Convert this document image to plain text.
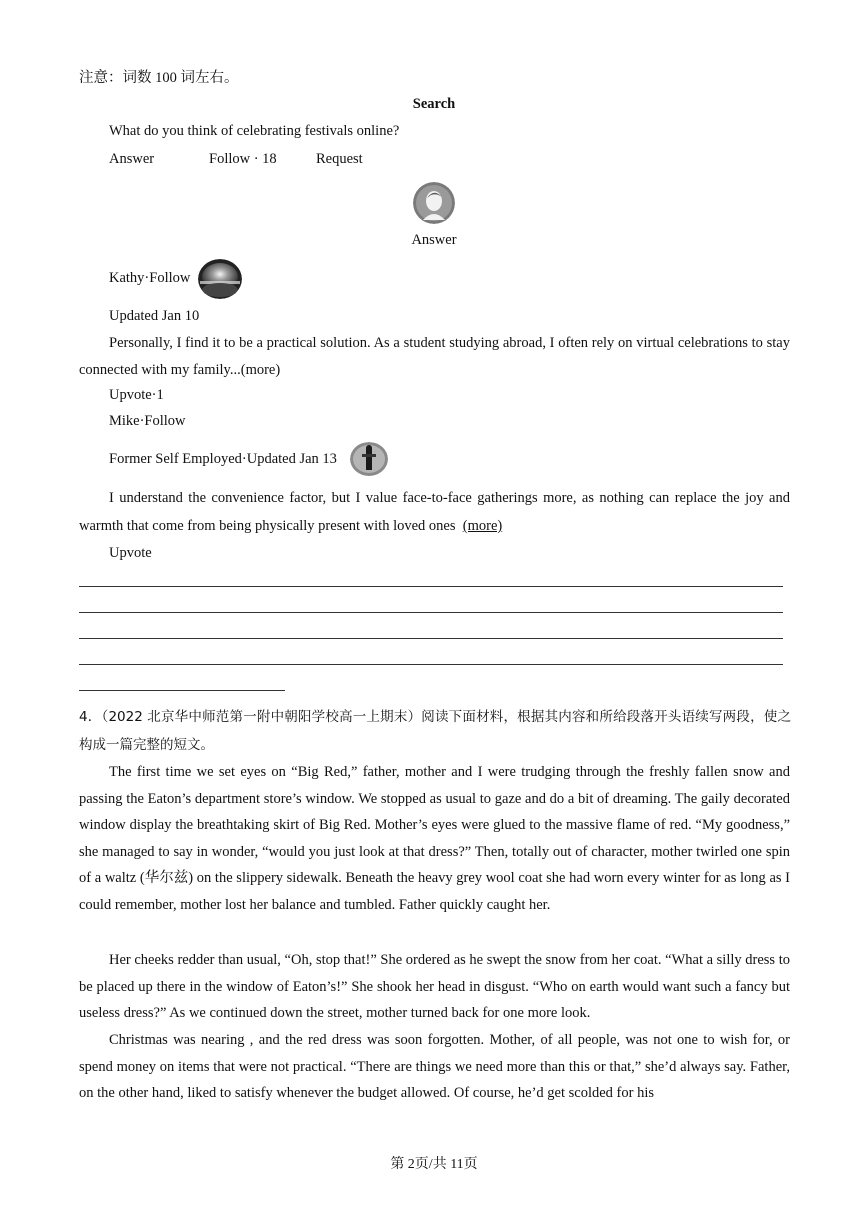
注意：词数 100 词左右。
Search
What do you think of celebrating festivals online?
Answer	Follow · 18	Request
Answer
Kathy·Follow
Updated Jan 10
Personally, I find it to be a practical solution. As a student studying abroad, I often rely on virtual celebrations to stay connected with my family...(more)
Upvote·1
Mike·Follow
Former Self Employed·Updated Jan 13
I understand the convenience factor, but I value face-to-face gatherings more, as nothing can replace the joy and warmth that come from being physically present with loved ones (more)
Upvote
4．（2022 北京华中师范第一附中朝阳学校高一上期末）阅读下面材料，根据其内容和所给段落开头语续写两段，使之构成一篇完整的短文。
The first time we set eyes on “Big Red,” father, mother and I were trudging through the freshly fallen snow and passing the Eaton’s department store’s window. We stopped as usual to gaze and do a bit of dreaming. The gaily decorated window display the breathtaking skirt of Big Red. Mother’s eyes were glued to the massive flame of red. “My goodness,” she managed to say in wonder, “would you just look at that dress?” Then, totally out of character, mother twirled one spin of a waltz (华尔兹) on the slippery sidewalk. Beneath the heavy grey wool coat she had worn every winter for as long as I could remember, mother lost her balance and tumbled. Father quickly caught her.
Her cheeks redder than usual, “Oh, stop that!” She ordered as he swept the snow from her coat. “What a silly dress to be placed up there in the window of Eaton’s!” She shook her head in disgust. “Who on earth would want such a fancy but useless dress?” As we continued down the street, mother turned back for one more look.
Christmas was nearing , and the red dress was soon forgotten. Mother, of all people, was not one to wish for, or spend money on items that were not practical. “There are things we need more than this or that,” she’d always say. Father, on the other hand, liked to satisfy whenever the budget allowed. Of course, he’d get scolded for his
第 2页/共 11页
